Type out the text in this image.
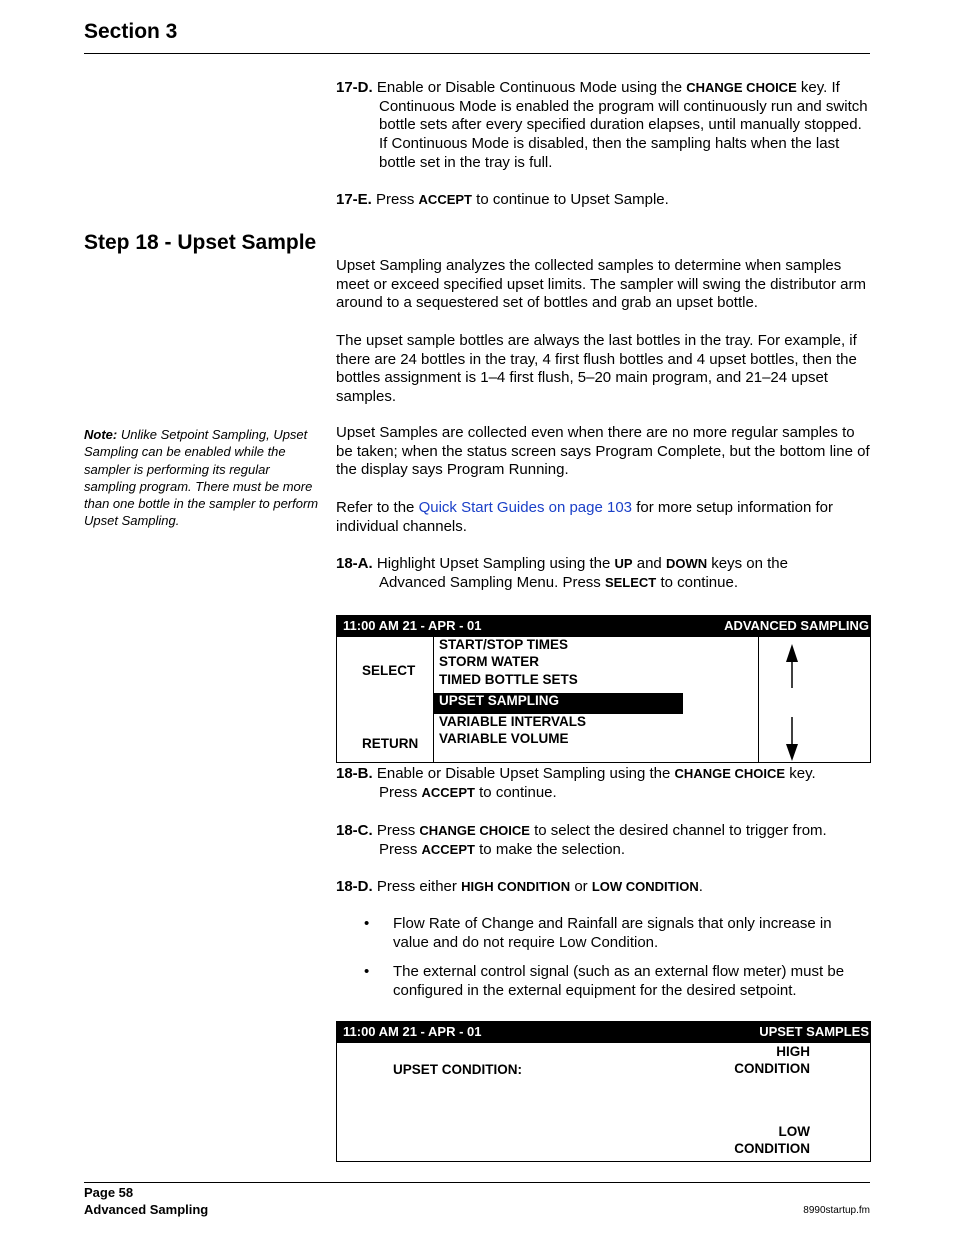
Section 3
17-D. Enable or Disable Continuous Mode using the CHANGE CHOICE key. If
Continuous Mode is enabled the program will continuously run and switch bottle sets after every specified duration elapses, until manually stopped. If Continuous Mode is disabled, then the sampling halts when the last bottle set in the tray is full.
17-E. Press ACCEPT to continue to Upset Sample.
Step 18 - Upset Sample
Upset Sampling analyzes the collected samples to determine when samples meet or exceed specified upset limits. The sampler will swing the distributor arm around to a sequestered set of bottles and grab an upset bottle.
The upset sample bottles are always the last bottles in the tray. For example, if there are 24 bottles in the tray, 4 first flush bottles and 4 upset bottles, then the bottles assignment is 1–4 first flush, 5–20 main program, and 21–24 upset samples.
Upset Samples are collected even when there are no more regular samples to be taken; when the status screen says Program Complete, but the bottom line of the display says Program Running.
Refer to the Quick Start Guides on page 103 for more setup information for individual channels.
Note: Unlike Setpoint Sampling, Upset Sampling can be enabled while the sampler is performing its regular sampling program. There must be more than one bottle in the sampler to perform Upset Sampling.
18-A. Highlight Upset Sampling using the UP and DOWN keys on the
Advanced Sampling Menu. Press SELECT to continue.
11:00 AM 21 - APR - 01	ADVANCED SAMPLING
SELECT
RETURN
START/STOP TIMES
STORM WATER
TIMED BOTTLE SETS
UPSET SAMPLING
VARIABLE INTERVALS
VARIABLE VOLUME
18-B. Enable or Disable Upset Sampling using the CHANGE CHOICE key.
Press ACCEPT to continue.
18-C. Press CHANGE CHOICE to select the desired channel to trigger from.
Press ACCEPT to make the selection.
18-D. Press either HIGH CONDITION or LOW CONDITION.
•	Flow Rate of Change and Rainfall are signals that only increase in value and do not require Low Condition.
•	The external control signal (such as an external flow meter) must be configured in the external equipment for the desired setpoint.
11:00 AM 21 - APR - 01	UPSET SAMPLES
UPSET CONDITION:
HIGH
CONDITION
LOW
CONDITION
Page 58
Advanced Sampling	8990startup.fm
